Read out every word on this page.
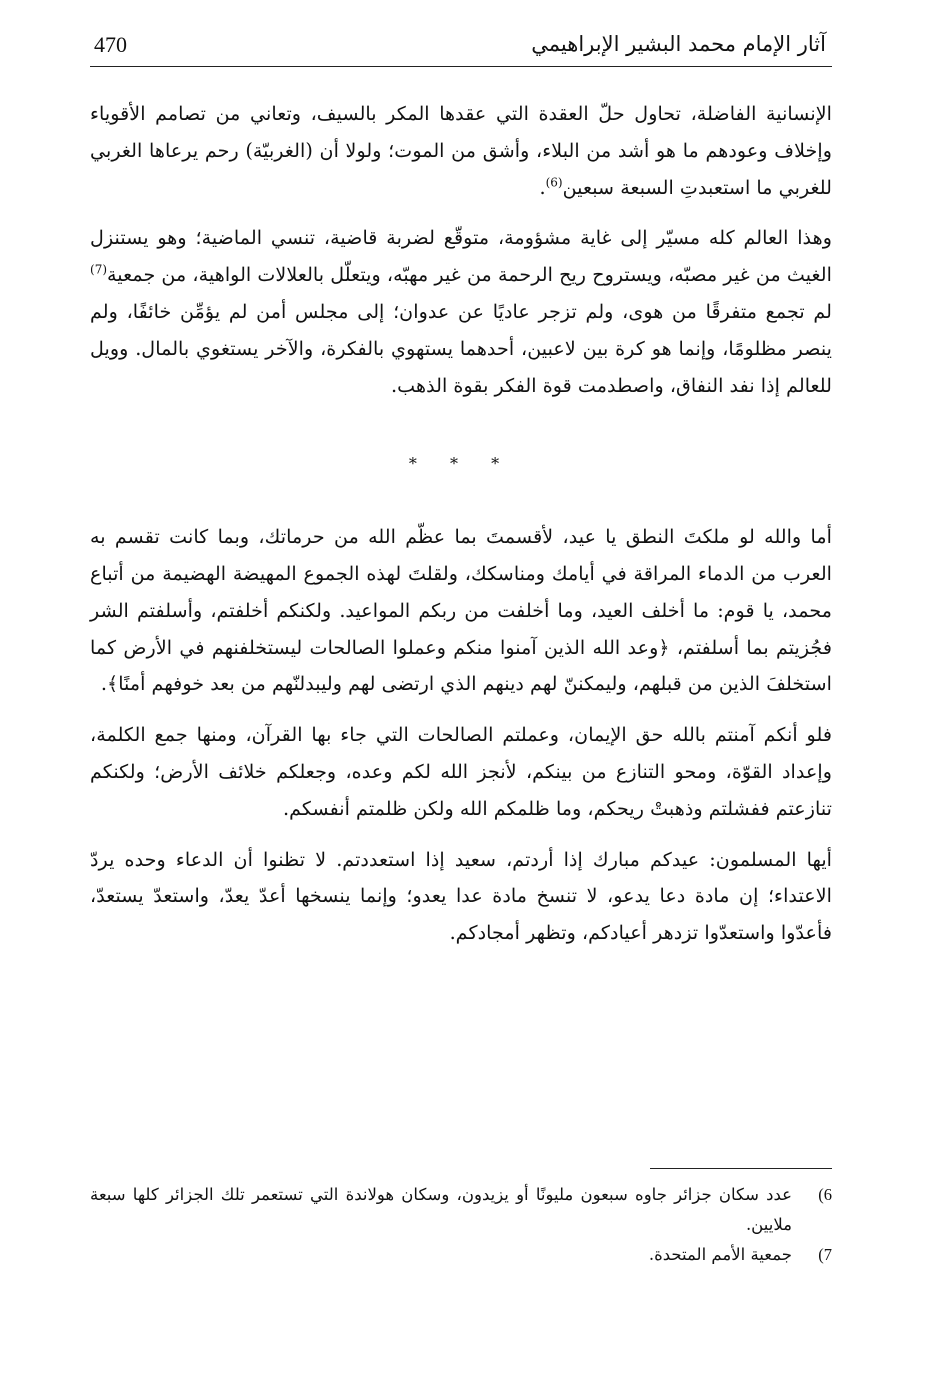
470	آثار الإمام محمد البشير الإبراهيمي

الإنسانية الفاضلة، تحاول حلّ العقدة التي عقدها المكر بالسيف، وتعاني من تصامم الأقوياء وإخلاف وعودهم ما هو أشد من البلاء، وأشق من الموت؛ ولولا أن (الغربيّة) رحم يرعاها الغربي للغربي ما استعبدتِ السبعة سبعين$^{(6)}$.

وهذا العالم كله مسيّر إلى غاية مشؤومة، متوقّع لضربة قاضية، تنسي الماضية؛ وهو يستنزل الغيث من غير مصبّه، ويستروح ريح الرحمة من غير مهبّه، ويتعلّل بالعلالات الواهية، من جمعية$^{(7)}$ لم تجمع متفرقًا من هوى، ولم تزجر عاديًا عن عدوان؛ إلى مجلس أمن لم يؤمِّن خائفًا، ولم ينصر مظلومًا، وإنما هو كرة بين لاعبين، أحدهما يستهوي بالفكرة، والآخر يستغوي بالمال. وويل للعالم إذا نفد النفاق، واصطدمت قوة الفكر بقوة الذهب.

* * *

أما والله لو ملكتَ النطق يا عيد، لأقسمتَ بما عظّم الله من حرماتك، وبما كانت تقسم به العرب من الدماء المراقة في أيامك ومناسكك، ولقلتَ لهذه الجموع المهيضة الهضيمة من أتباع محمد، يا قوم: ما أخلف العيد، وما أخلفت من ربكم المواعيد. ولكنكم أخلفتم، وأسلفتم الشر فجُزيتم بما أسلفتم، ﴿وعد الله الذين آمنوا منكم وعملوا الصالحات ليستخلفنهم في الأرض كما استخلفَ الذين من قبلهم، وليمكننّ لهم دينهم الذي ارتضى لهم وليبدلنّهم من بعد خوفهم أمنًا﴾.

فلو أنكم آمنتم بالله حق الإيمان، وعملتم الصالحات التي جاء بها القرآن، ومنها جمع الكلمة، وإعداد القوّة، ومحو التنازع من بينكم، لأنجز الله لكم وعده، وجعلكم خلائف الأرض؛ ولكنكم تنازعتم ففشلتم وذهبتْ ريحكم، وما ظلمكم الله ولكن ظلمتم أنفسكم.

أيها المسلمون: عيدكم مبارك إذا أردتم، سعيد إذا استعددتم. لا تظنوا أن الدعاء وحده يردّ الاعتداء؛ إن مادة دعا يدعو، لا تنسخ مادة عدا يعدو؛ وإنما ينسخها أعدّ يعدّ، واستعدّ يستعدّ، فأعدّوا واستعدّوا تزدهر أعيادكم، وتظهر أمجادكم.

6)
عدد سكان جزائر جاوه سبعون مليونًا أو يزيدون، وسكان هولاندة التي تستعمر تلك الجزائر كلها سبعة ملايين.
7)
جمعية الأمم المتحدة.
